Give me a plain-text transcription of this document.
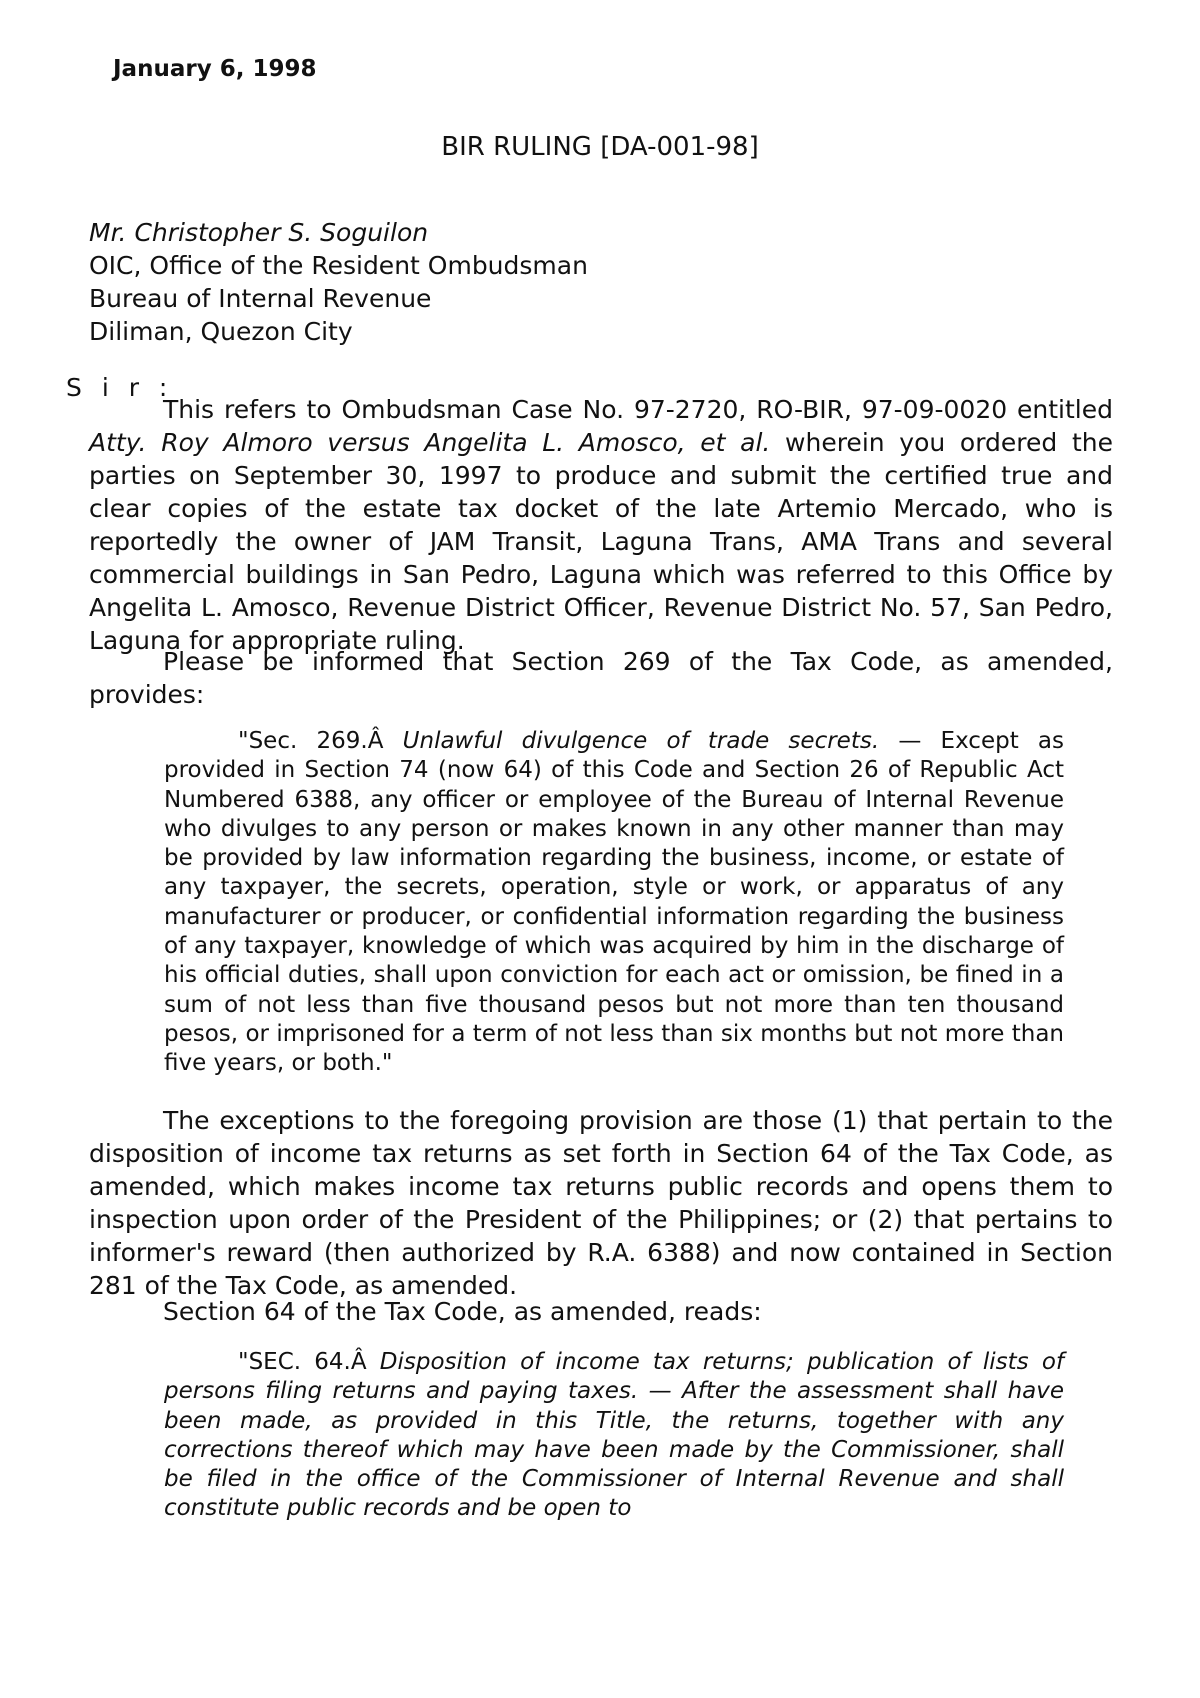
January 6, 1998
BIR RULING [DA-001-98]
Mr. Christopher S. Soguilon
OIC, Office of the Resident Ombudsman
Bureau of Internal Revenue
Diliman, Quezon City
S i r :

This refers to Ombudsman Case No. 97-2720, RO-BIR, 97-09-0020 entitled Atty. Roy Almoro versus Angelita L. Amosco, et al. wherein you ordered the parties on September 30, 1997 to produce and submit the certified true and clear copies of the estate tax docket of the late Artemio Mercado, who is reportedly the owner of JAM Transit, Laguna Trans, AMA Trans and several commercial buildings in San Pedro, Laguna which was referred to this Office by Angelita L. Amosco, Revenue District Officer, Revenue District No. 57, San Pedro, Laguna for appropriate ruling.

Please be informed that Section 269 of the Tax Code, as amended, provides:

"Sec. 269.Â Unlawful divulgence of trade secrets. — Except as provided in Section 74 (now 64) of this Code and Section 26 of Republic Act Numbered 6388, any officer or employee of the Bureau of Internal Revenue who divulges to any person or makes known in any other manner than may be provided by law information regarding the business, income, or estate of any taxpayer, the secrets, operation, style or work, or apparatus of any manufacturer or producer, or confidential information regarding the business of any taxpayer, knowledge of which was acquired by him in the discharge of his official duties, shall upon conviction for each act or omission, be fined in a sum of not less than five thousand pesos but not more than ten thousand pesos, or imprisoned for a term of not less than six months but not more than five years, or both."

The exceptions to the foregoing provision are those (1) that pertain to the disposition of income tax returns as set forth in Section 64 of the Tax Code, as amended, which makes income tax returns public records and opens them to inspection upon order of the President of the Philippines; or (2) that pertains to informer's reward (then authorized by R.A. 6388) and now contained in Section 281 of the Tax Code, as amended.

Section 64 of the Tax Code, as amended, reads:

"SEC. 64.Â Disposition of income tax returns; publication of lists of persons filing returns and paying taxes. — After the assessment shall have been made, as provided in this Title, the returns, together with any corrections thereof which may have been made by the Commissioner, shall be filed in the office of the Commissioner of Internal Revenue and shall constitute public records and be open to
